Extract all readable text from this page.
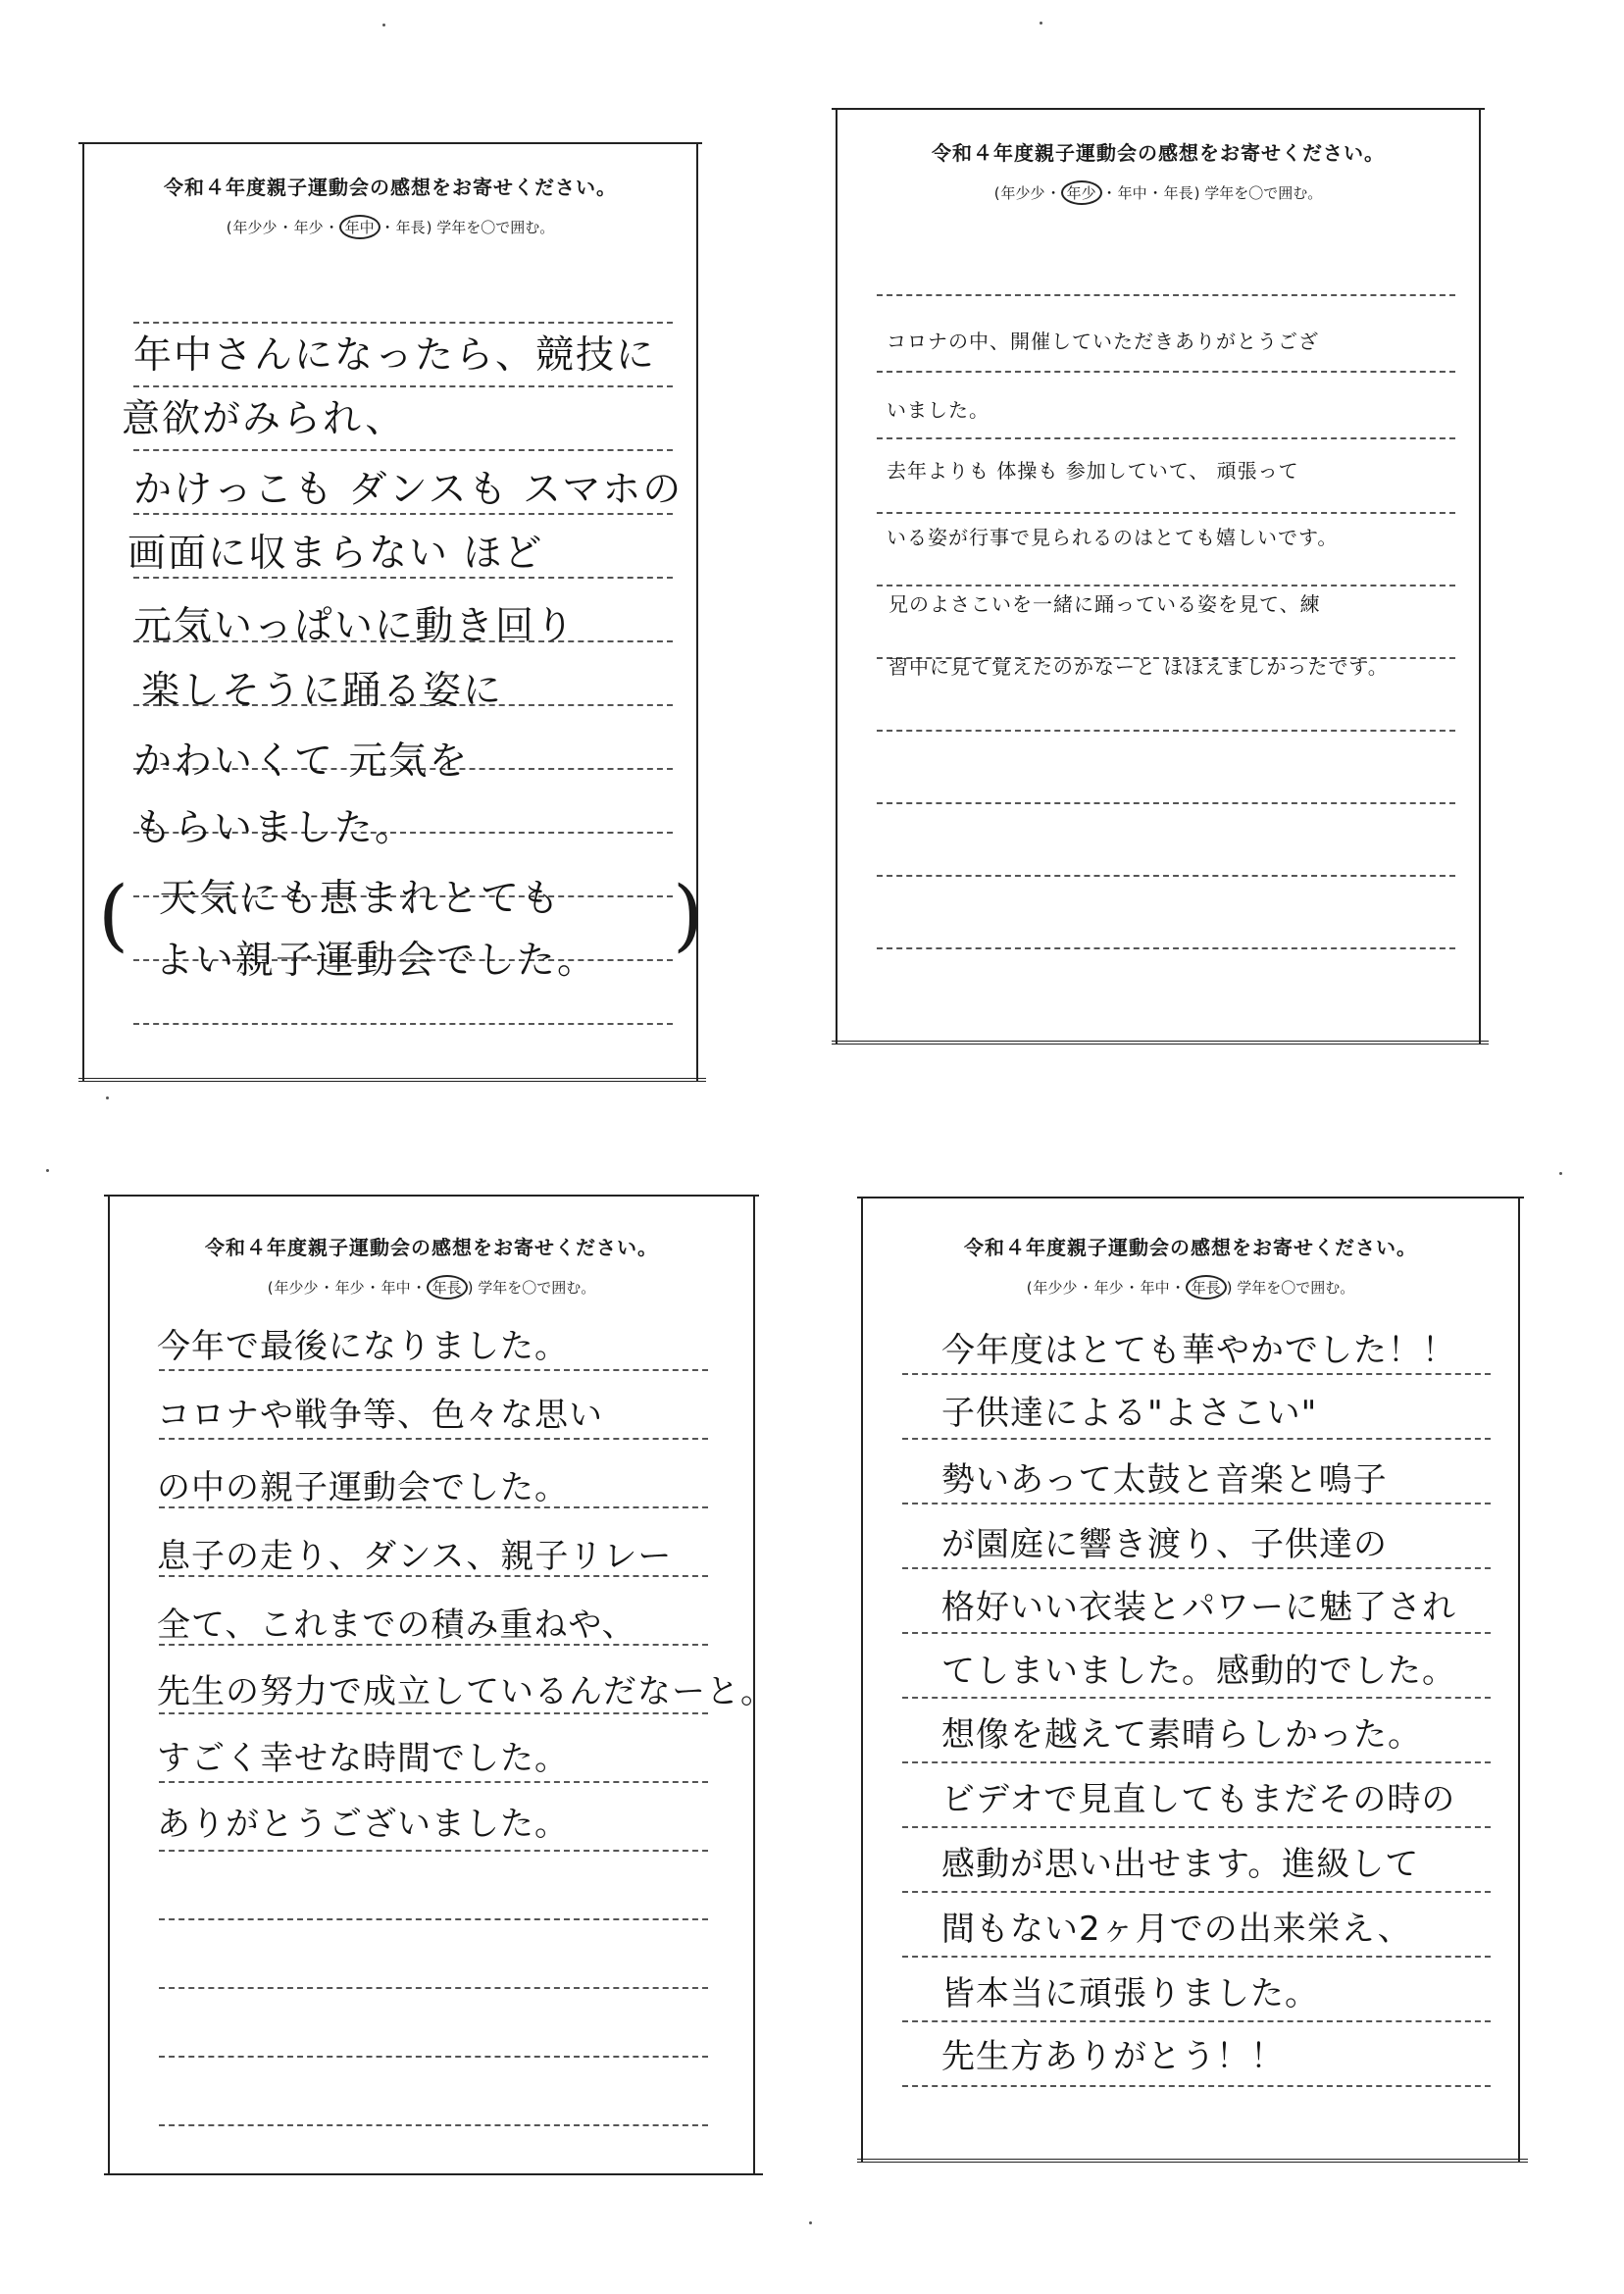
令和４年度親子運動会の感想をお寄せください。
(年少少・年少・ 年中 ・年長) 学年を〇で囲む。
年中さんになったら、競技に
意欲がみられ、
かけっこも ダンスも スマホの
画面に収まらない ほど
元気いっぱいに動き回り
楽しそうに踊る姿に
かわいくて 元気を
もらいました。
( 天気にも恵まれとても
よい親子運動会でした。
)
令和４年度親子運動会の感想をお寄せください。
(年少少・ 年少 ・年中・年長) 学年を〇で囲む。
コロナの中、開催していただきありがとうござ
いました。
去年よりも 体操も 参加していて、 頑張って
いる姿が行事で見られるのはとても嬉しいです。
兄のよさこいを一緒に踊っている姿を見て、練
習中に見て覚えたのかなーと ほほえましかったです。
令和４年度親子運動会の感想をお寄せください。
(年少少・年少・年中・ 年長 ) 学年を〇で囲む。
今年で最後になりました。
コロナや戦争等、色々な思い
の中の親子運動会でした。
息子の走り、ダンス、親子リレー
全て、これまでの積み重ねや、
先生の努力で成立しているんだなーと。
すごく幸せな時間でした。
ありがとうございました。
令和４年度親子運動会の感想をお寄せください。
(年少少・年少・年中・ 年長 ) 学年を〇で囲む。
今年度はとても華やかでした！！
子供達による"よさこい"
勢いあって太鼓と音楽と鳴子
が園庭に響き渡り、子供達の
格好いい衣装とパワーに魅了され
てしまいました。感動的でした。
想像を越えて素晴らしかった。
ビデオで見直してもまだその時の
感動が思い出せます。進級して
間もない2ヶ月での出来栄え、
皆本当に頑張りました。
先生方ありがとう！！
